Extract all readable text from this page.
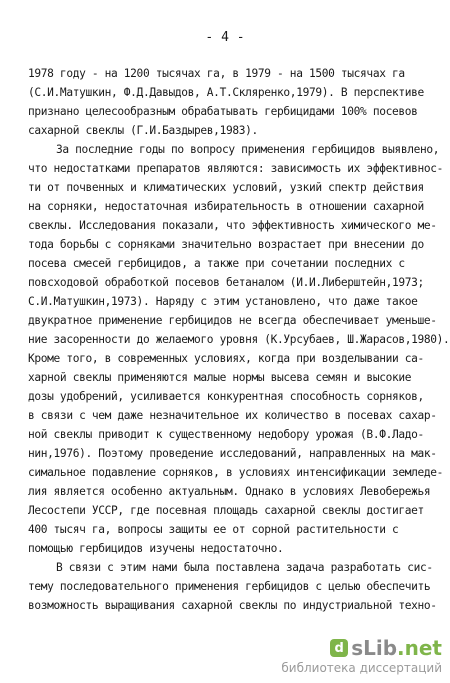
- 4 -
1978 году - на 1200 тысячах га, в 1979 - на 1500 тысячах га
(С.И.Матушкин, Ф.Д.Давыдов, А.Т.Скляренко,1979). В перспективе
признано целесообразным обрабатывать гербицидами 100% посевов
сахарной свеклы (Г.И.Баздырев,1983).
За последние годы по вопросу применения гербицидов выявлено,
что недостатками препаратов являются: зависимость их эффективнос-
ти от почвенных и климатических условий, узкий спектр действия
на сорняки, недостаточная избирательность в отношении сахарной
свеклы. Исследования показали, что эффективность химического ме-
тода борьбы с сорняками значительно возрастает при внесении до
посева смесей гербицидов, а также при сочетании последних с
повсходовой обработкой посевов бетаналом (И.И.Либерштейн,1973;
С.И.Матушкин,1973). Наряду с этим установлено, что даже такое
двукратное применение гербицидов не всегда обеспечивает уменьше-
ние засоренности до желаемого уровня (К.Урсубаев, Ш.Жарасов,1980).
Кроме того, в современных условиях, когда при возделывании са-
харной свеклы применяются малые нормы высева семян и высокие
дозы удобрений, усиливается конкурентная способность сорняков,
в связи с чем даже незначительное их количество в посевах сахар-
ной свеклы приводит к существенному недобору урожая (В.Ф.Ладо-
нин,1976). Поэтому проведение исследований, направленных на мак-
симальное подавление сорняков, в условиях интенсификации земледе-
лия является особенно актуальным. Однако в условиях Левобережья
Лесостепи УССР, где посевная площадь сахарной свеклы достигает
400 тысяч га, вопросы защиты ее от сорной растительности с
помощью гербицидов изучены недостаточно.
В связи с этим нами была поставлена задача разработать сис-
тему последовательного применения гербицидов с целью обеспечить
возможность выращивания сахарной свеклы по индустриальной техно-
d sLib.net
библиотека диссертаций
